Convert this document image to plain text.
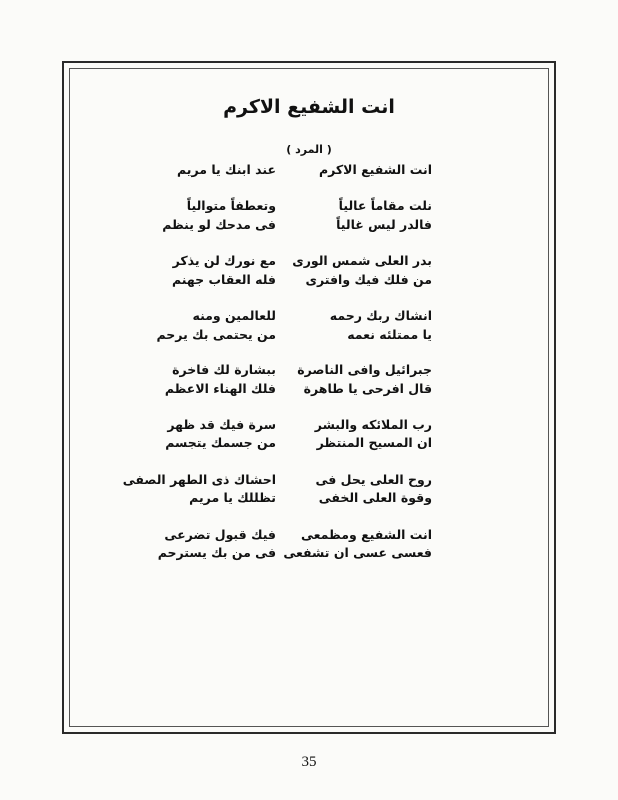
انت الشفيع الاكرم
( المرد )
انت الشفيع الاكرم
عند ابنك يا مريم
نلت مقاماً عالياً
وتعطفاً متوالياً
فالدر ليس غالياً
فى مدحك لو ينظم
بدر العلى شمس الورى
مع نورك لن يذكر
من فلك فيك وافترى
فله العقاب جهنم
انشاك ربك رحمه
للعالمين ومنه
يا ممتلئه نعمه
من يحتمى بك يرحم
جبرائيل وافى الناصرة
ببشارة لك فاخرة
قال افرحى يا طاهرة
فلك الهناء الاعظم
رب الملائكه والبشر
سرة فيك قد ظهر
ان المسيح المنتظر
من جسمك يتجسم
روح العلى يحل فى
احشاك ذى الطهر الصفى
وقوة العلى الخفى
تظللك يا مريم
انت الشفيع ومظمعى
فيك قبول تضرعى
فعسى عسى ان تشفعى
فى من بك يسترحم
35
